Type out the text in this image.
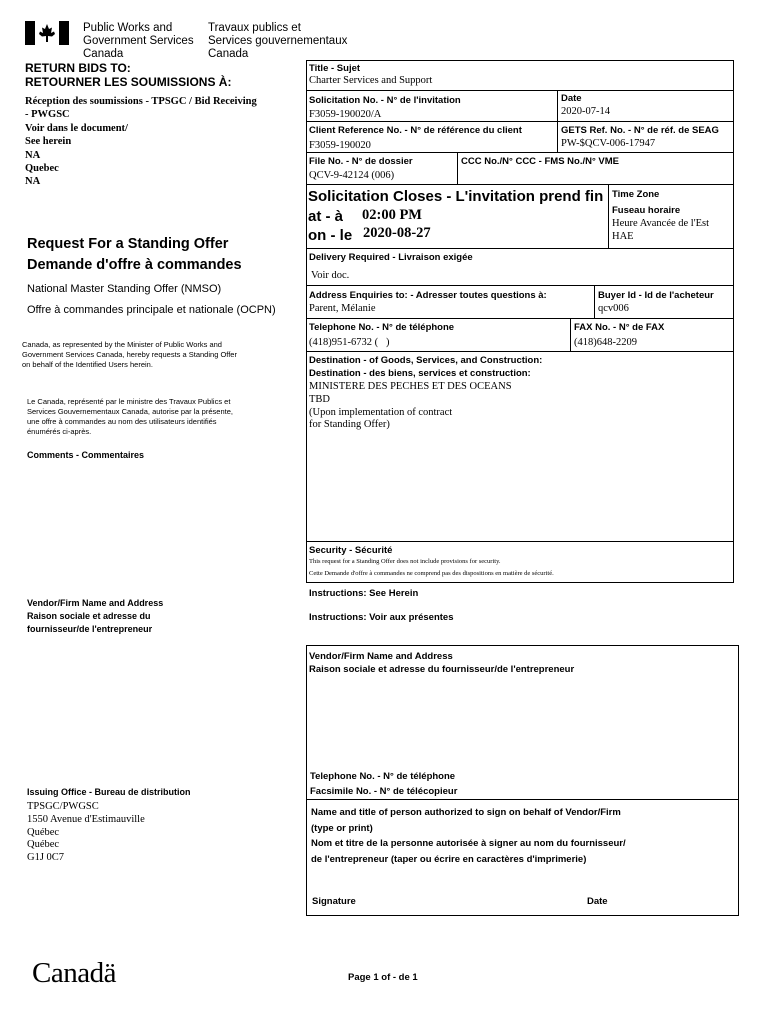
Public Works and
Government Services
Canada
Travaux publics et
Services gouvernementaux
Canada
RETURN BIDS TO:
RETOURNER LES SOUMISSIONS À:
Réception des soumissions - TPSGC / Bid Receiving
- PWGSC
Voir dans le document/
See herein
NA
Quebec
NA
Request For a Standing Offer
Demande d'offre à commandes
National Master Standing Offer (NMSO)
Offre à commandes principale et nationale (OCPN)
Canada, as represented by the Minister of Public Works and
Government Services Canada, hereby requests a Standing Offer
on behalf of the Identified Users herein.
Le Canada, représenté par le ministre des Travaux Publics et
Services Gouvernementaux Canada, autorise par la présente,
une offre à commandes au nom des utilisateurs identifiés
énumérés ci-après.
Comments - Commentaires
Vendor/Firm Name and Address
Raison sociale et adresse du
fournisseur/de l'entrepreneur
Issuing Office - Bureau de distribution
TPSGC/PWGSC
1550 Avenue d'Estimauville
Québec
Québec
G1J 0C7
Title - Sujet
Charter Services and Support
Solicitation No. - N° de l'invitation
F3059-190020/A
Date
2020-07-14
Client Reference No. - N° de référence du client
F3059-190020
GETS Ref. No. - N° de réf. de SEAG
PW-$QCV-006-17947
File No. - N° de dossier
QCV-9-42124 (006)
CCC No./N° CCC - FMS No./N° VME
Solicitation Closes - L'invitation prend fin
at - à 02:00 PM
on - le 2020-08-27
Time Zone
Fuseau horaire
Heure Avancée de l'Est
HAE
Delivery Required - Livraison exigée
Voir doc.
Address Enquiries to: - Adresser toutes questions à:
Parent, Mélanie
Buyer Id - Id de l'acheteur
qcv006
Telephone No. - N° de téléphone
(418)951-6732 (   )
FAX No. - N° de FAX
(418)648-2209
Destination - of Goods, Services, and Construction:
Destination - des biens, services et construction:
MINISTERE DES PECHES ET DES OCEANS
TBD
(Upon implementation of contract
for Standing Offer)
Security - Sécurité
This request for a Standing Offer does not include provisions for security.
Cette Demande d'offre à commandes ne comprend pas des dispositions en matière de sécurité.
Instructions: See Herein
Instructions: Voir aux présentes
Vendor/Firm Name and Address
Raison sociale et adresse du fournisseur/de l'entrepreneur
Telephone No. - N° de téléphone
Facsimile No. - N° de télécopieur
Name and title of person authorized to sign on behalf of Vendor/Firm
(type or print)
Nom et titre de la personne autorisée à signer au nom du fournisseur/
de l'entrepreneur (taper ou écrire en caractères d'imprimerie)
Signature	Date
Canadä	Page 1 of - de 1
